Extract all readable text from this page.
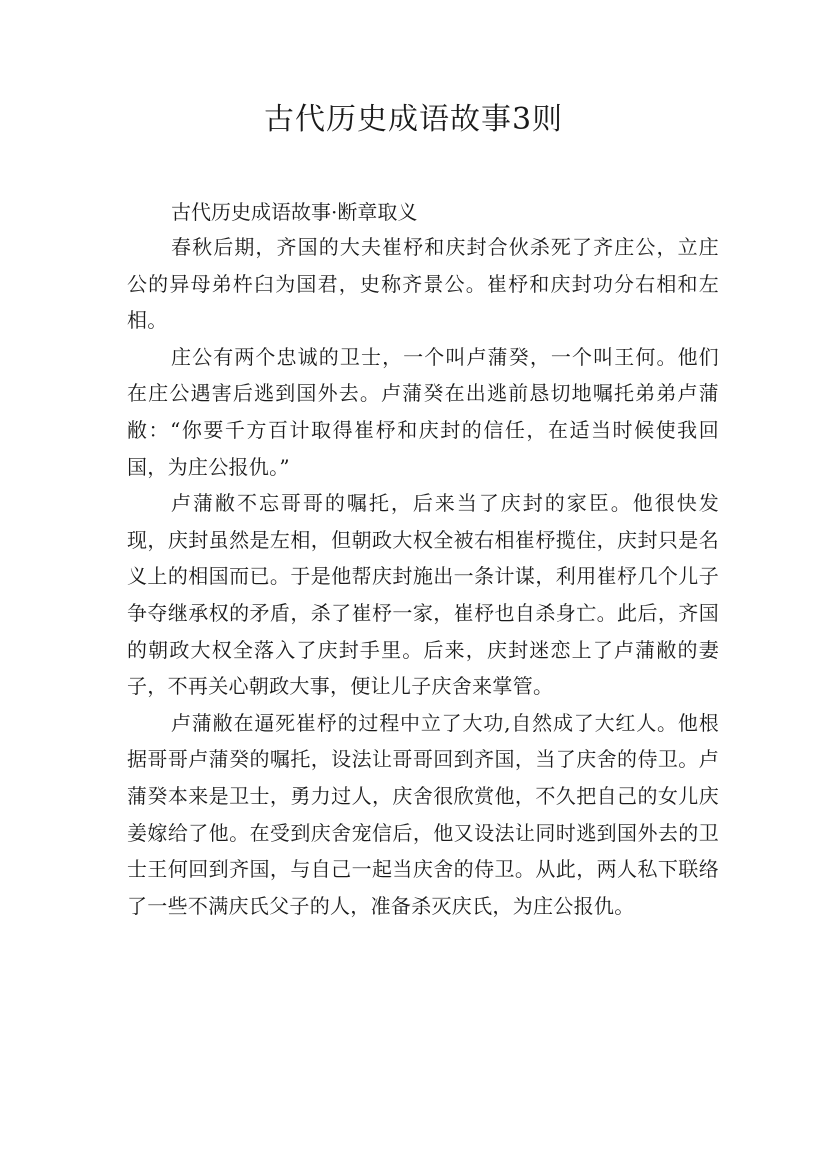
古代历史成语故事3则

古代历史成语故事·断章取义

春秋后期，齐国的大夫崔杼和庆封合伙杀死了齐庄公，立庄公的异母弟杵臼为国君，史称齐景公。崔杼和庆封功分右相和左相。

庄公有两个忠诚的卫士，一个叫卢蒲癸，一个叫王何。他们在庄公遇害后逃到国外去。卢蒲癸在出逃前恳切地嘱托弟弟卢蒲敝：“你要千方百计取得崔杼和庆封的信任，在适当时候使我回国，为庄公报仇。”

卢蒲敝不忘哥哥的嘱托，后来当了庆封的家臣。他很快发现，庆封虽然是左相，但朝政大权全被右相崔杼揽住，庆封只是名义上的相国而已。于是他帮庆封施出一条计谋，利用崔杼几个儿子争夺继承权的矛盾，杀了崔杼一家，崔杼也自杀身亡。此后，齐国的朝政大权全落入了庆封手里。后来，庆封迷恋上了卢蒲敝的妻子，不再关心朝政大事，便让儿子庆舍来掌管。

卢蒲敝在逼死崔杼的过程中立了大功,自然成了大红人。他根据哥哥卢蒲癸的嘱托，设法让哥哥回到齐国，当了庆舍的侍卫。卢蒲癸本来是卫士，勇力过人，庆舍很欣赏他，不久把自己的女儿庆姜嫁给了他。在受到庆舍宠信后，他又设法让同时逃到国外去的卫士王何回到齐国，与自己一起当庆舍的侍卫。从此，两人私下联络了一些不满庆氏父子的人，准备杀灭庆氏，为庄公报仇。
